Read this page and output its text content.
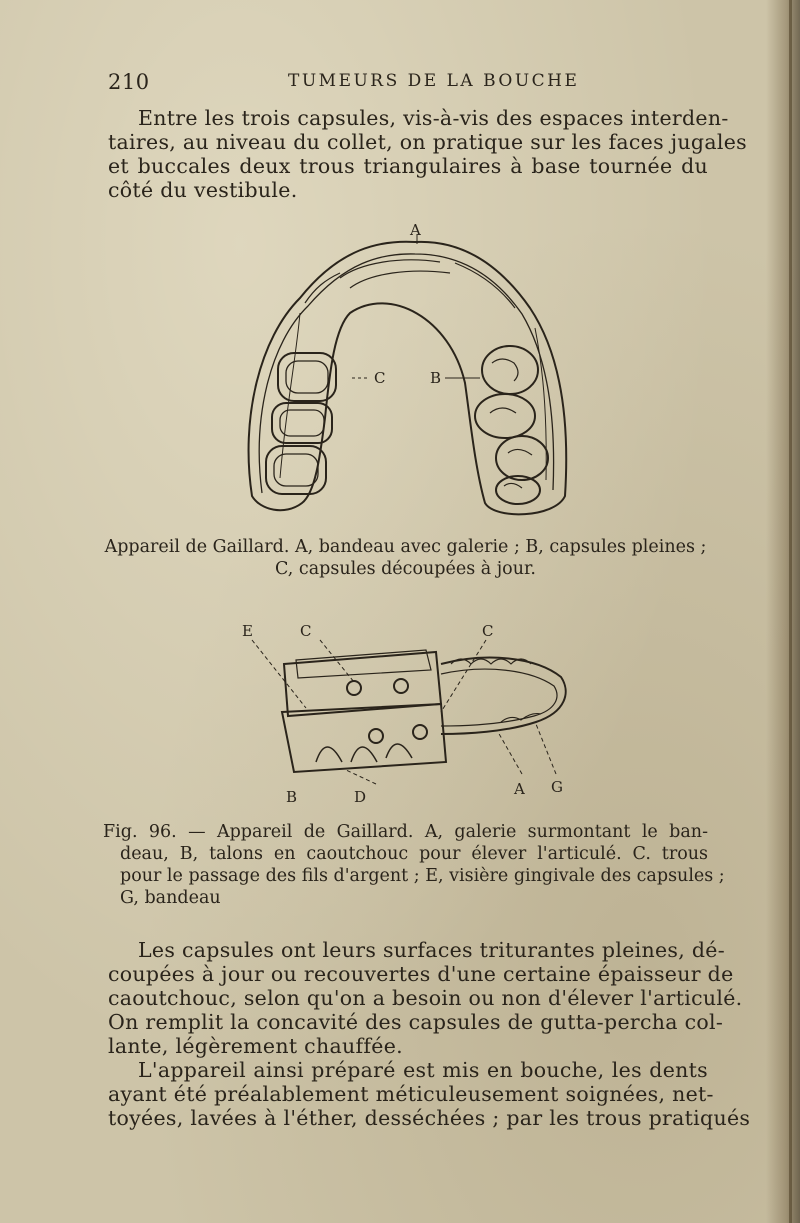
210	TUMEURS DE LA BOUCHE

Entre les trois capsules, vis-à-vis des espaces interden-
taires, au niveau du collet, on pratique sur les faces jugales
et buccales deux trous triangulaires à base tournée du
côté du vestibule.

A
C	B

Appareil de Gaillard. A, bandeau avec galerie ; B, capsules pleines ;
C, capsules découpées à jour.

E	C	C
B	D	A G

Fig. 96. — Appareil de Gaillard. A, galerie surmontant le ban-
deau, B, talons en caoutchouc pour élever l'articulé. C. trous
pour le passage des fils d'argent ; E, visière gingivale des capsules ;
G, bandeau

Les capsules ont leurs surfaces triturantes pleines, dé-
coupées à jour ou recouvertes d'une certaine épaisseur de
caoutchouc, selon qu'on a besoin ou non d'élever l'articulé.
On remplit la concavité des capsules de gutta-percha col-
lante, légèrement chauffée.

L'appareil ainsi préparé est mis en bouche, les dents
ayant été préalablement méticuleusement soignées, net-
toyées, lavées à l'éther, desséchées ; par les trous pratiqués
